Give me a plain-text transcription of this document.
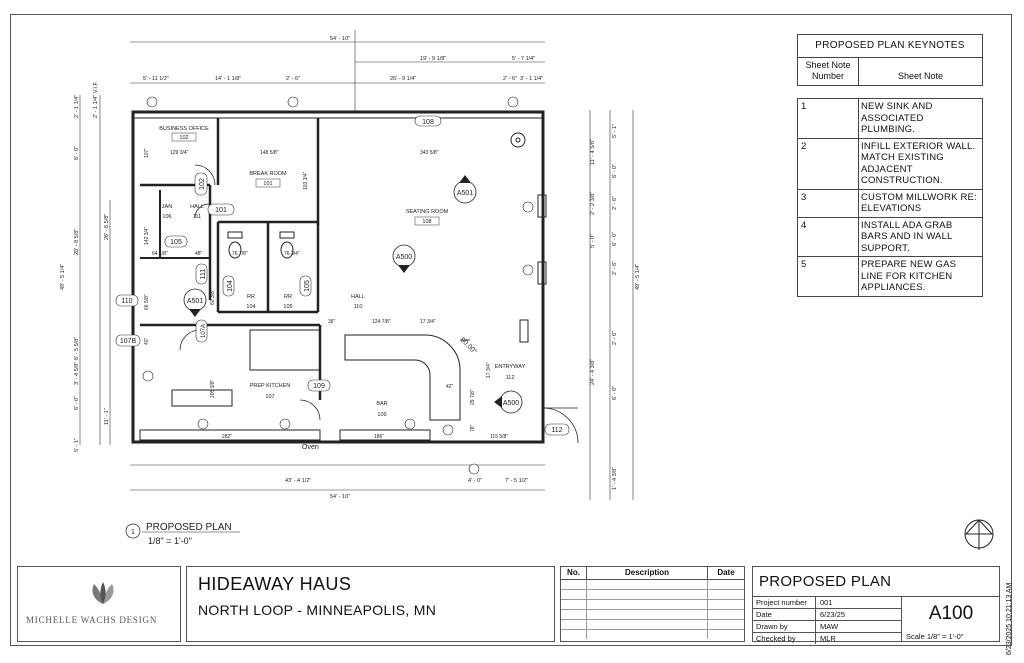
54' - 10"
19' - 9 1/8"	5' - 7 1/4"
5' - 11 1/2"	14' - 1 1/8"	2' - 6"	26' - 9 1/4"	2' - 6" 3' - 1 1/4"
4' - 0"	7' - 5 1/2"
43' - 4 1/2"
54' - 10"
2' - 1 1/4" 2' - 1 1/4" V.I.F.
6' - 0"
26' - 6 5/8"
20' - 8 5/8"
49' - 5 1/4"
6' - 5 5/8"
3' - 4 5/8"
6' - 0"
11' - 1"
5' - 1"
5' - 1"
11' - 4 5/8"
6' - 0"
2' - 2 3/8"
5' - 0"
2' - 6"
2' - 6"
6' - 0"
24' - 4 3/8"
2' - 6"
6' - 0"
49' - 5 1/4"
1' - 4 3/8"
BUSINESS OFFICE
102
BREAK ROOM
101
JAN
106
HALL
111
SEATING ROOM
108
RR
104
RR
105
HALL
110
PREP KITCHEN
107
BAR
109
ENTRYWAY
112
129 3/4"	148 5/8"	343 5/8"
103 3/4"
142 3/4"
64 1/8"	48"	76 7/8"	76 3/4"
66 5/8"
40"
60 3/8"
36"	124 7/8"	17 3/4"
90.00°
42"
29 7/8"
17 3/4"
205 3/8"
282"	186"	115 5/8"
78"
107"
108
102
101
105
110
111
104	105
107A
107B
109
112
A501
A500
A501
A500
Oven
1 PROPOSED PLAN
1/8" = 1'-0"
PROPOSED PLAN KEYNOTES
Sheet Note Number	Sheet Note
1	NEW SINK AND ASSOCIATED PLUMBING.
2	INFILL EXTERIOR WALL. MATCH EXISTING ADJACENT CONSTRUCTION.
3	CUSTOM MILLWORK RE: ELEVATIONS
4	INSTALL ADA GRAB BARS AND IN WALL SUPPORT.
5	PREPARE NEW GAS LINE FOR KITCHEN APPLIANCES.
MICHELLE WACHS DESIGN
HIDEAWAY HAUS
NORTH LOOP - MINNEAPOLIS, MN
No.	Description	Date
PROPOSED PLAN
Project number	001
Date	6/23/25
Drawn by	MAW
Checked by	MLR
A100
Scale 1/8" = 1'-0"	6/23/2025 10:21:13 AM
